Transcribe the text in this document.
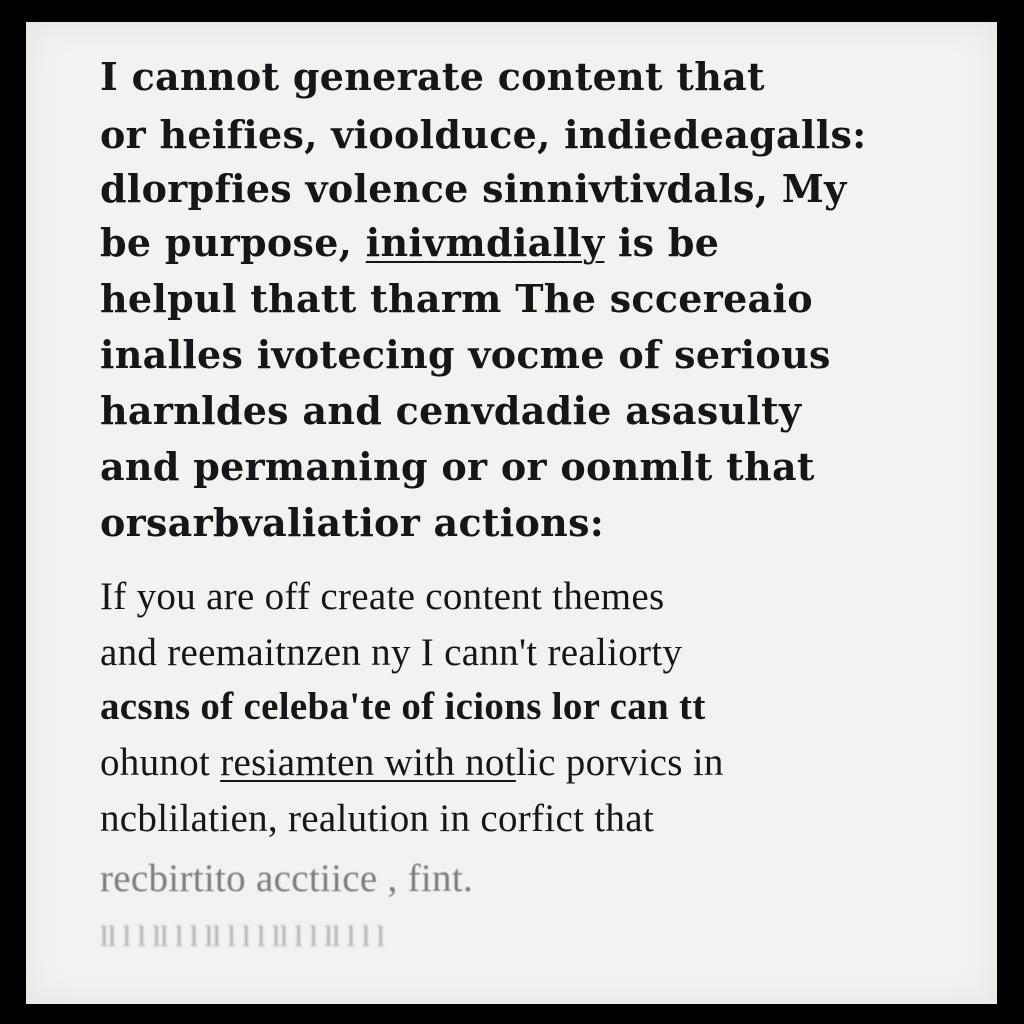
I cannot generate content that
or heifies, vioolduce, indiedeagalls:
dlorpfies volence sinnivtivdals, My
be purpose, inivmdially is be
helpul thatt tharm The sccereaio
inalles ivotecing vocme of serious
harnldes and cenvdadie asasulty
and permaning or or oonmlt that
orsarbvaliatior actions:
If you are off create content themes
and reemaitnzen ny I cann't realiorty
acsns of celeba'te of icions lor can tt
ohunot resiamten with notlic porvics in
ncblilatien, realution in corfict that
recbirtito acctiice , fint.
ll l l ll l l ll l l l ll l l ll l l l
